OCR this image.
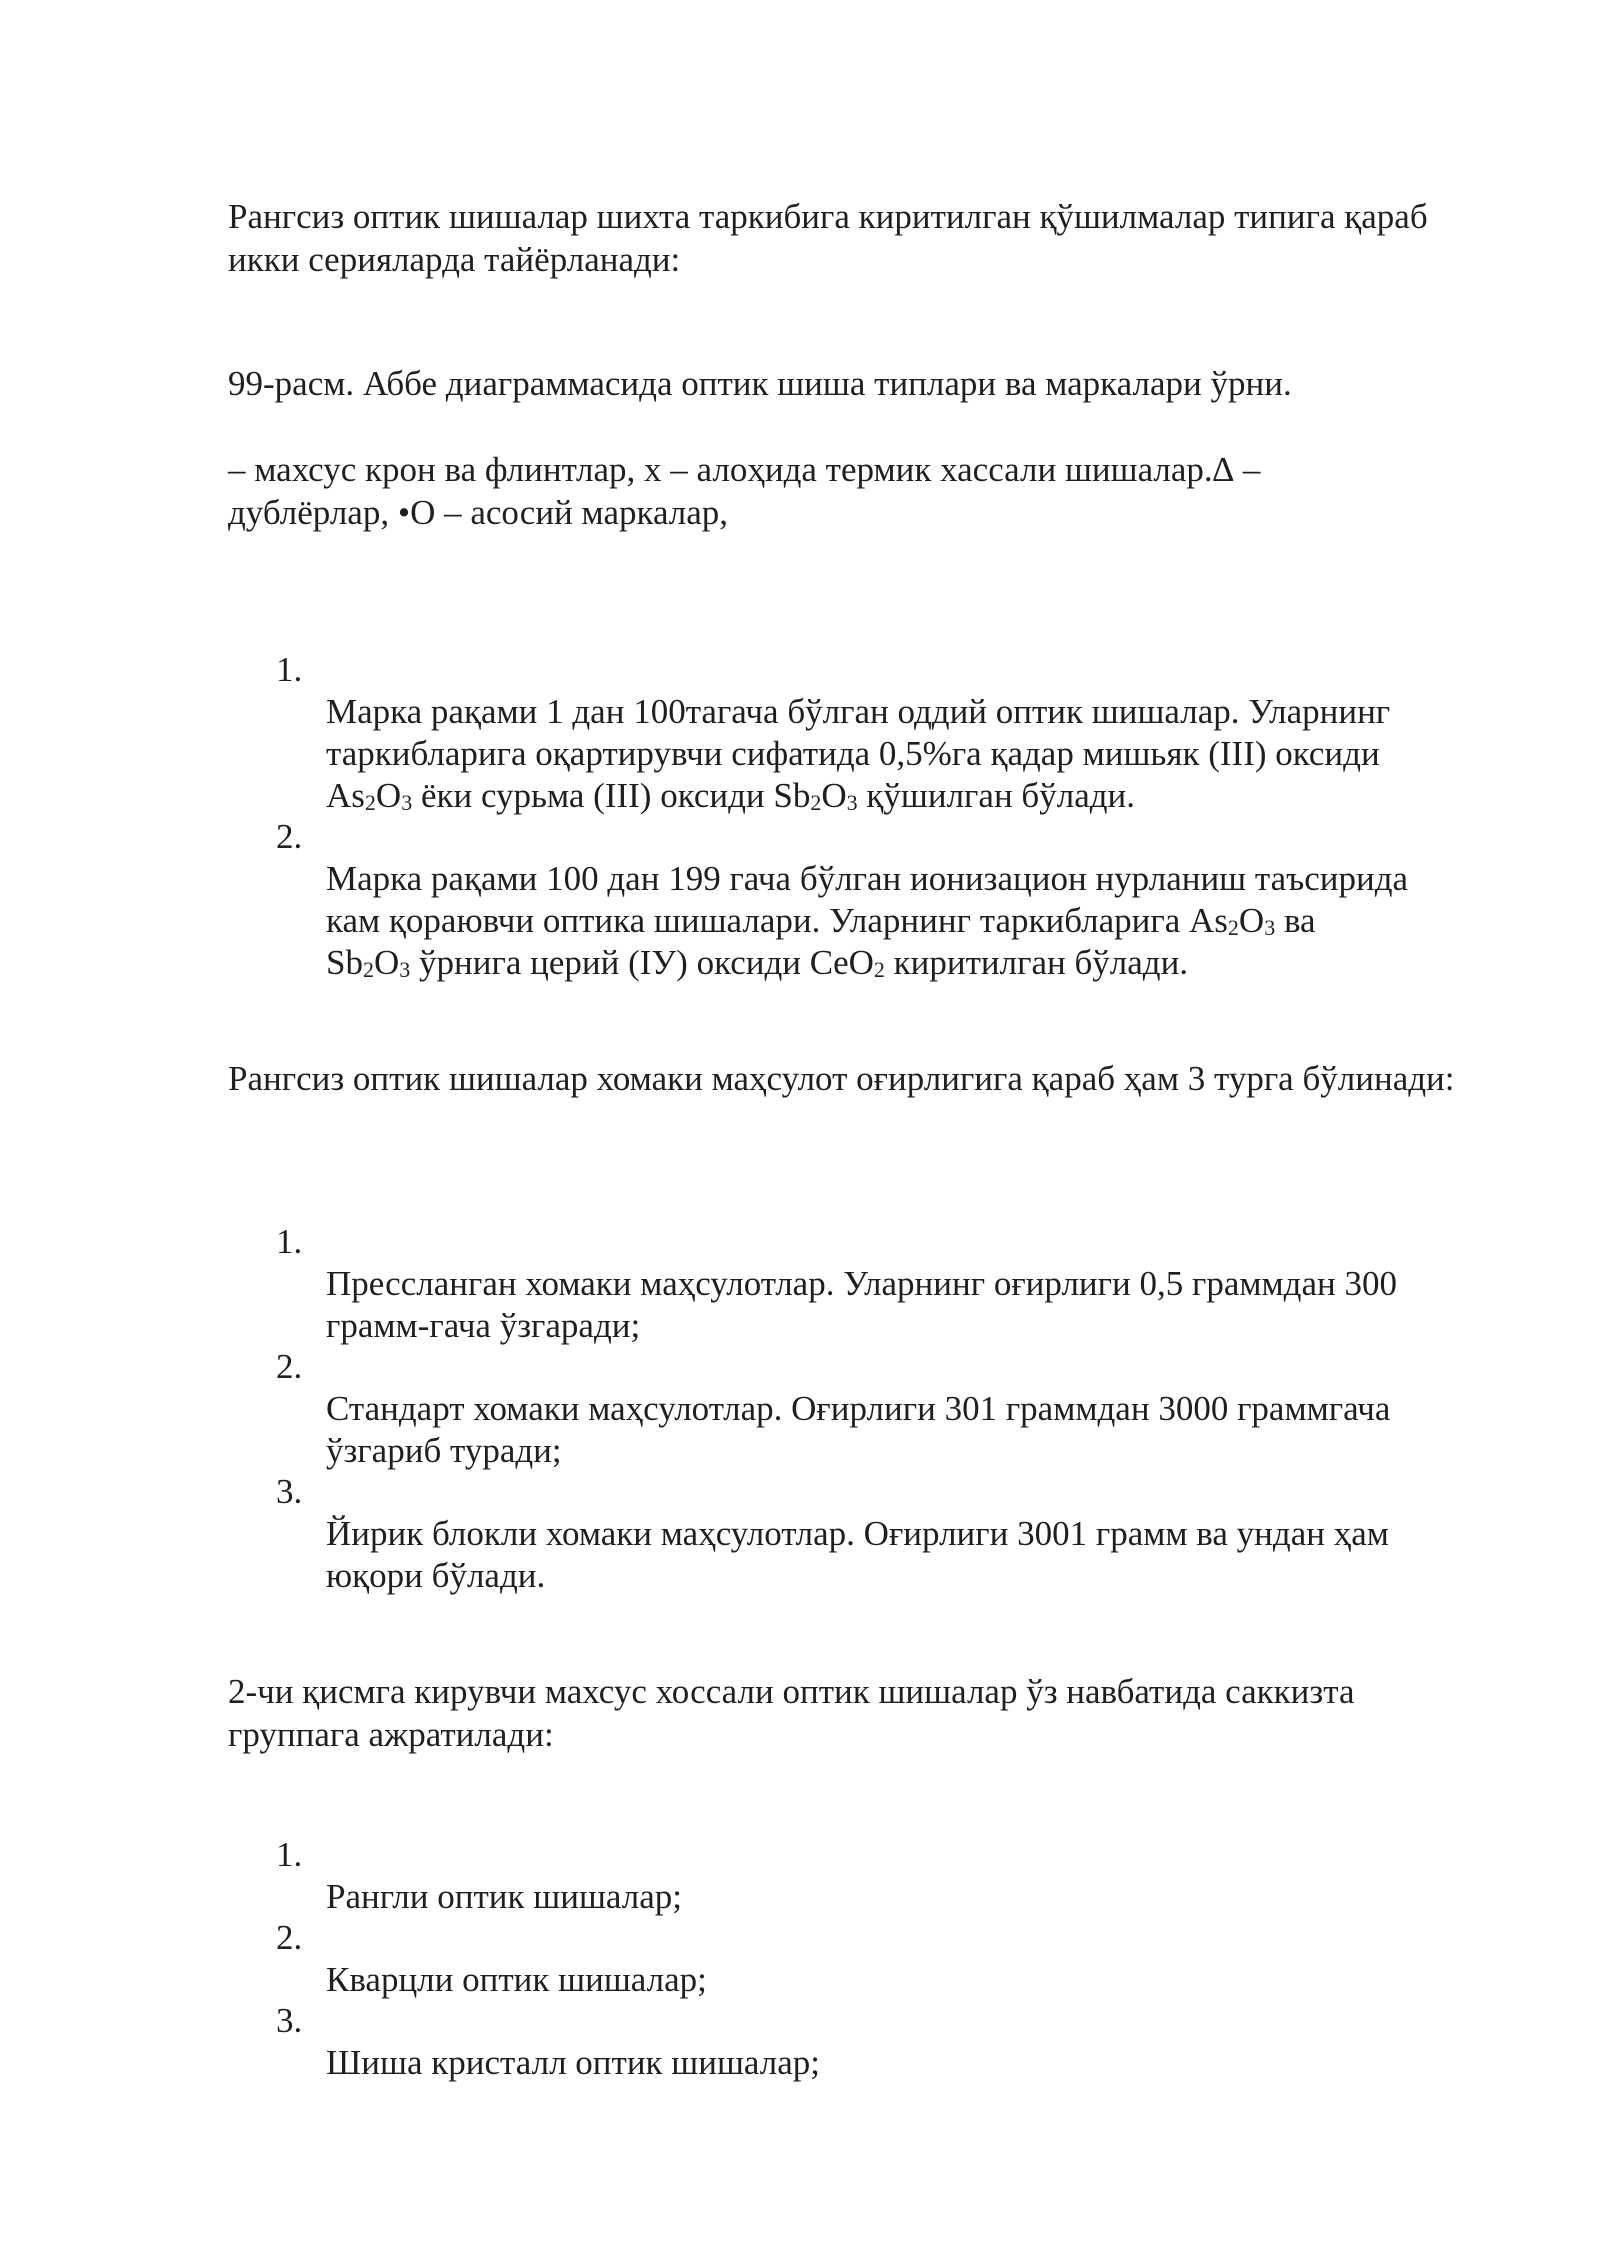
Рангсиз оптик шишалар шихта таркибига киритилган қўшилмалар типига қараб икки серияларда тайёрланади:

99-расм. Аббе диаграммасида оптик шиша типлари ва маркалари ўрни.

– махсус крон ва флинтлар, x – алоҳида термик хассали шишалар.∆ –

дублёрлар, •O – асосий маркалар,

1.

Марка рақами 1 дан 100тагача бўлган оддий оптик шишалар. Уларнинг

таркибларига оқартирувчи сифатида 0,5%га қадар мишьяк (III) оксиди

$As_2O_3$ ёки сурьма (III) оксиди $Sb_2O_3$ қўшилган бўлади.

2.

Марка рақами 100 дан 199 гача бўлган ионизацион нурланиш таъсирида

кам қораювчи оптика шишалари. Уларнинг таркибларига $As_2O_3$ ва

$Sb_2O_3$ ўрнига церий (ІУ) оксиди CeO$_2$ киритилган бўлади.

Рангсиз оптик шишалар хомаки маҳсулот оғирлигига қараб ҳам 3 турга бўлинади:

1.

Прессланган хомаки маҳсулотлар. Уларнинг оғирлиги 0,5 граммдан 300

грамм-гача ўзгаради;

2.

Стандарт хомаки маҳсулотлар. Оғирлиги 301 граммдан 3000 граммгача

ўзгариб туради;

3.

Йирик блокли хомаки маҳсулотлар. Оғирлиги 3001 грамм ва ундан ҳам

юқори бўлади.

2-чи қисмга кирувчи махсус хоссали оптик шишалар ўз навбатида саккизта группага ажратилади:

1.

Рангли оптик шишалар;

2.

Кварцли оптик шишалар;

3.

Шиша кристалл оптик шишалар;
